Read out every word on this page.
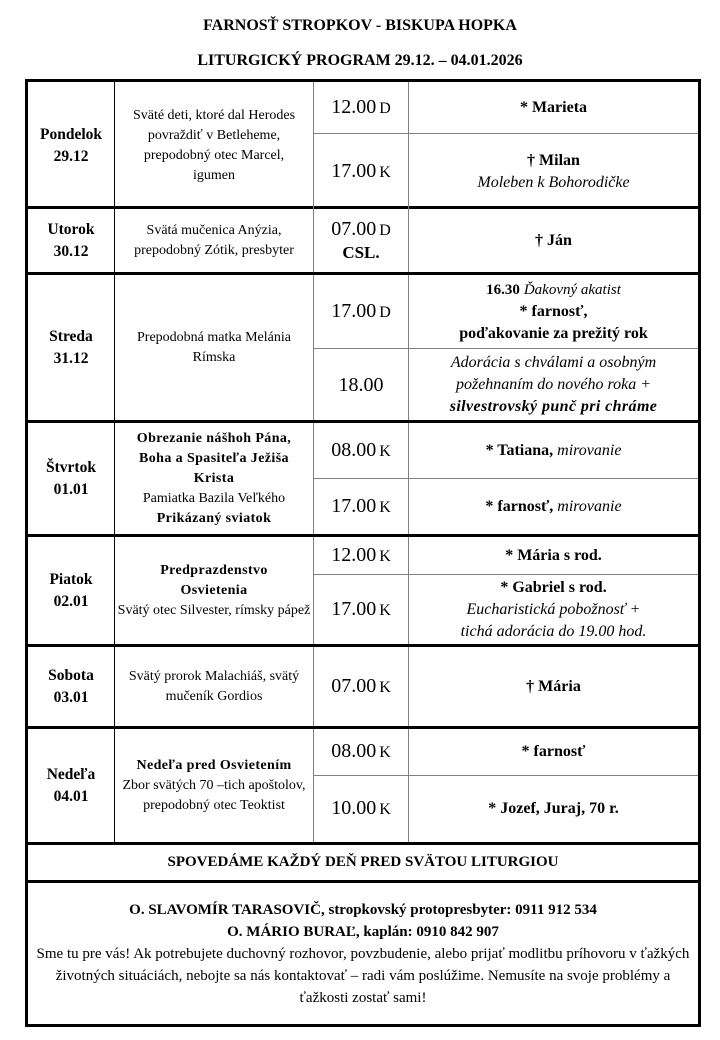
FARNOSŤ STROPKOV - BISKUPA HOPKA
LITURGICKÝ PROGRAM 29.12. – 04.01.2026
Pondelok
29.12
Sväté deti, ktoré dal Herodes povraždiť v Betleheme, prepodobný otec Marcel, igumen
12.00 D
17.00 K
* Marieta
† Milan
Moleben k Bohorodičke
Utorok
30.12
Svätá mučenica Anýzia, prepodobný Zótik, presbyter
07.00 D
CSL.
† Ján
Streda
31.12
Prepodobná matka Melánia Rímska
17.00 D
18.00
16.30 Ďakovný akatist
* farnosť,
poďakovanie za prežitý rok
Adorácia s chválami a osobným požehnaním do nového roka +
silvestrovský punč pri chráme
Štvrtok
01.01
Obrezanie nášhoh Pána, Boha a Spasiteľa Ježiša Krista
Pamiatka Bazila Veľkého
Prikázaný sviatok
08.00 K
17.00 K
* Tatiana, mirovanie
* farnosť, mirovanie
Piatok
02.01
Predprazdenstvo Osvietenia
Svätý otec Silvester, rímsky pápež
12.00 K
17.00 K
* Mária s rod.
* Gabriel s rod.
Eucharistická pobožnosť +
tichá adorácia do 19.00 hod.
Sobota
03.01
Svätý prorok Malachiáš, svätý mučeník Gordios	07.00 K	† Mária
Nedeľa
04.01
Nedeľa pred Osvietením
Zbor svätých 70 –tich apoštolov, prepodobný otec Teoktist
08.00 K
10.00 K
* farnosť
* Jozef, Juraj, 70 r.
SPOVEDÁME KAŽDÝ DEŇ PRED SVÄTOU LITURGIOU
O. SLAVOMÍR TARASOVIČ, stropkovský protopresbyter: 0911 912 534
O. MÁRIO BURAĽ, kaplán: 0910 842 907
Sme tu pre vás! Ak potrebujete duchovný rozhovor, povzbudenie, alebo prijať modlitbu príhovoru v ťažkých životných situáciách, nebojte sa nás kontaktovať – radi vám poslúžime. Nemusíte na svoje problémy a ťažkosti zostať sami!
